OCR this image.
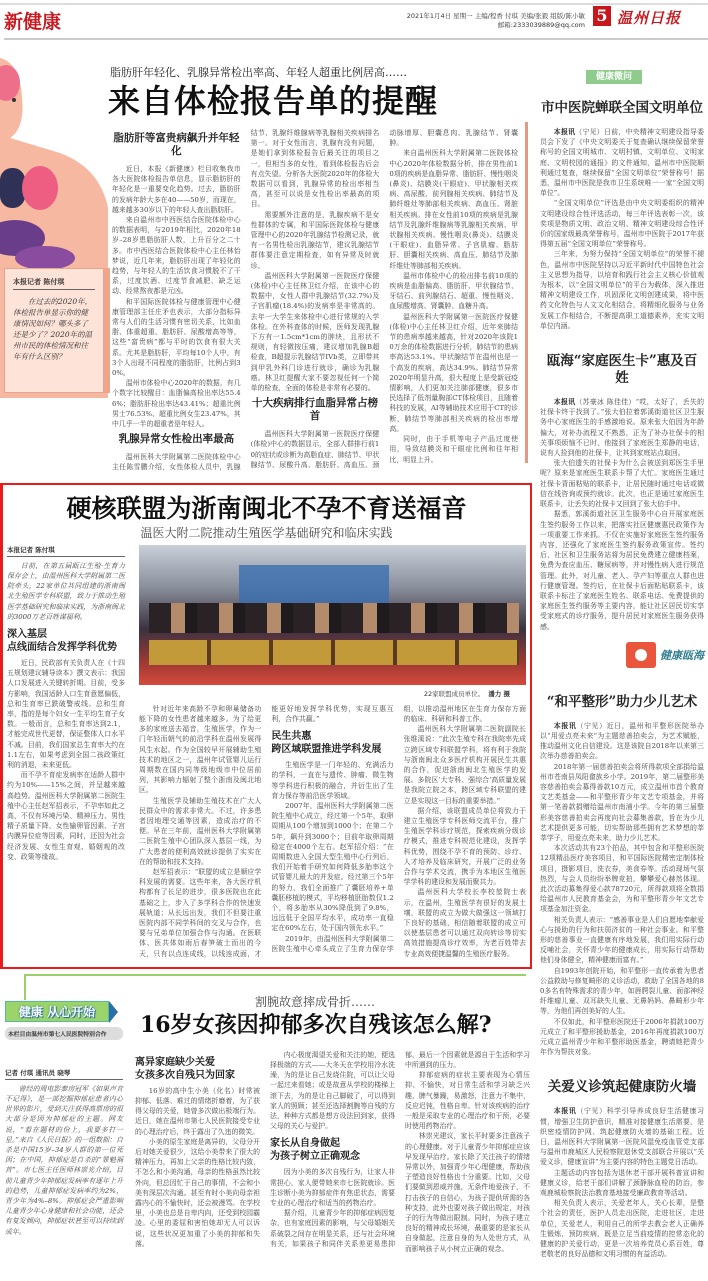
新健康	2021年1月4日 星期一 主编/程香 付琪 美编/张毅 组版/陈小敏
邮箱:2333039889@qq.com 5 温州日报
本报记者 陈付琪
在过去的2020年，体检报告单显示你的健康情况如何？哪头多了还是少了？2020年的温州市民的体检情况和往年有什么区别？
脂肪肝年轻化、乳腺异常检出率高、年轻人超重比例居高……
来自体检报告单的提醒
脂肪肝等富贵病飙升并年轻化

近日，本报《新健康》栏目收集我市各大医院体检报告单信息，显示脂肪肝的年轻化是一重要变化趋势。过去，脂肪肝的发病年龄大多在40——50岁，而现在，越来越多30岁以下的年轻人查出脂肪肝。

来自温州市中西医结合医院体检中心的数据表明，与2019年相比，2020年18岁–28岁患脂肪肝人数，上升百分之二十多。市中西医结合医院体检中心主任林怡梦说，近几年来，脂肪肝出现了年轻化的趋势，与年轻人的生活饮食习惯脱不了干系，过度饮酒、过度节食减肥、缺乏运动、经常熬夜都是元凶。

和平国际医院体检与健康管理中心健康管理部主任庄矛也表示，大部分指标异常与人们的生活习惯有密切关系，比如血脂、体重超重、脂肪肝、尿酸增高等等，这些“富贵病”都与平时的饮食有很大关系。尤其是脂肪肝，平均每10个人中，有3个人出现不同程度的脂肪肝，比例占到30%。

温州市体检中心2020年的数据，有几个数字比较醒目：血脂偏高检出率达55.46%；脂肪肝检出率达43.41%；超重比例男士76.53%、超重比例女生23.47%，其中几乎一半的超重者是年轻人。

乳腺异常女性检出率最高

温州医科大学附属第二医院体检中心主任陈雪鹏介绍，女性体检人员中，乳腺结节、乳腺纤维腺病等乳腺相关疾病排名第一。对于女性而言，乳腺有没有问题，是她们拿到体检报告后最关注的项目之一，但相当多的女性，看到体检报告后会有点失望。分析各大医院2020年的体检大数据可以看到，乳腺异常的检出率相当高，甚至可以说是女性检出率最高的项目。

需要额外注意的是，乳腺疾病不是女性群体的专属，和平国际医院体检与健康管理中心的2020年乳腺结节检测记录，就有一名男性检出乳腺结节，建议乳腺结节群体要注意定期检查，如有异常及时就诊。

温州医科大学附属第一医院医疗保健(体检)中心主任林卫红介绍，在该中心的数据中，女性人群中乳腺结节(32.7%)及子宫肌瘤(18.4%)的发病率是非常高的。去年一大学生来体检中心进行常规的入学体检。在外科查体的时候，医师发现乳腺下方有一1.5cm*1cm的肿块，且形状不规则，有轻微按压痛，建议增加乳腺B超检查，B超提示乳腺结节IVb类，立即带其到甲乳外科门诊进行就诊，确诊为乳腺癌。林卫红提醒大家不要忽视任何一个简单的检查，全面的体检是非常有必要的。

十大疾病排行血脂异常占榜首

温州医科大学附属第一医院医疗保健(体检)中心的数据显示，全部人群排行前10的症状或诊断为高脂血症、肺结节、甲状腺结节、尿酸升高、脂肪肝、高血压、颈动脉增厚、胆囊息肉、乳腺结节、肾囊肿。

来自温州医科大学附属第二医院体检中心2020年体检数据分析，排在男性前10项的疾病是血脂异常、脂肪肝、慢性咽炎(鼻炎)、结膜炎(干眼症)、甲状腺相关疾病、高尿酸、前列腺相关疾病、肺结节及肺纤维灶等肺部相关疾病、高血压、肾脏相关疾病。排在女性前10项的疾病是乳腺结节及乳腺纤维腺病等乳腺相关疾病、甲状腺相关疾病、慢性咽炎(鼻炎)、结膜炎(干眼症)、血脂异常、子宫肌瘤、脂肪肝、胆囊相关疾病、高血压、肺结节及肺纤维灶等肺部相关疾病。

温州市体检中心的检出排名前10项的疾病是血脂偏高、脂肪肝、甲状腺结节、牙结石、前列腺结石、超重、慢性咽炎、血尿酸增高、肾囊肿、血糖升高。

温州医科大学附属第一医院医疗保健(体检)中心主任林卫红介绍，近年来肺结节的患病率越来越高，针对2020年该院10万余的体检数据进行分析，肺结节的患病率高达53.1%。甲状腺结节在温州也是一个高发的疾病，高达34.9%。肺结节异常2020年明显升高，很大程度上是受新冠疫情影响，人们更加关注肺部健康，很多市民选择了低剂量胸部CT体检项目，且随着科技的发展，AI等辅助技术应用于CT的诊断，肺结节等肺部相关疾病的检出率增高。

同时，由于手机等电子产品过度使用，导致结膜炎和干眼症比例和往年相比，明显上升。

硬核联盟为浙南闽北不孕不育送福音
温医大附二院推动生殖医学基础研究和临床实践
本报记者 陈付琪
日前，在第五届瓯江生殖·生育力保存会上，由温州医科大学附属第二医院牵头，22家单位共同组建的浙南闽北生殖医学专科联盟，致力于推动生殖医学基础研究和临床实践，为浙南闽北的3000万老百姓谋福利。
深入基层
点线面结合发挥学科优势

近日，民政部有关负责人在《十四五规划建议辅导读本》撰文表示：我国人口发展进入关键转折期。目前，受多方影响，我国适龄人口生育意愿偏低，总和生育率已跌破警戒线。总和生育率，指的是每个妇女一生平均生育子女数。一般而言，总和生育率达到2.1，才能完成世代更替，保证整体人口水平不减。目前，我们国家总生育率大约在1.1左右，如果考虑到全国二孩政策红利的消退，未来更低。

而不孕不育症发病率在适龄人群中约为10%——15%之间，并呈越来越高趋势。温州医科大学附属第二医院生殖中心主任赵军招表示，不孕率如此之高，不仅有环境污染、精神压力、男性精子质量下降、女性输卵管因素、子宫内膜异位症等因素，同时，还因为社会经济发展、女性生育观、婚姻观的改变、政策等缘故。

22家联盟成员单位。 潘力 摄

针对近年来高龄不孕和卵巢储备功能下降的女性患者越来越多。为了给更多的家庭送去福音，生殖医学，作为一门年轻而朝气的前沿学科在温州发展得风生水起。作为全国较早开展辅助生殖技术的地区之一，温州年试管婴儿运行周期数在国内同等级地级市中位居前列，其影响力辐射了整个浙南及闽北地区。

生殖医学及辅助生殖技术在广大人民群众中的需求非常大。不过，许多患者因地理交通等因素，造成治疗的不便。早在三年前，温州医科大学附属第二医院生殖中心团队深入基层一线，为广大患者的便利高效就诊提供了实实在在的帮助和技术支持。

赵军招表示：“联盟的成立是顺应学科发展的需要。这些年来，各大医疗机构都有了长足的进步，很多医院也在此基础之上，步入了多学科合作的快速发展轨道；从长远出发，我们不但要注重医院内部不同学科间的交叉与合作，也要与兄弟单位加强合作与沟通。在医联体、医共体如雨后春笋破土而出的今天，只有以点连成线，以线连成面，才能更好地发挥学科优势，实现互惠互利，合作共赢。”

民生共惠
跨区域联盟推进学科发展

生殖医学是一门年轻的、充满活力的学科，一直在与遗传、肿瘤、微生物等学科进行积极的融合，并衍生出了生育力保存等前沿医学领域。

2007年，温州医科大学附属第二医院生殖中心成立，经过第一个5年，取卵周期从100个增加到1000个；在第二个5年，飙升到3000个；目前年取卵周期稳定在4000个左右。赵军招介绍：“在周期数进入全国大型生殖中心行列后，我们开始着手研究如何降低多胎率这个试管婴儿最大的并发症。经过第三个5年的努力，我们全面推广了囊胚培养+单囊胚移植的模式，平均移植胚胎数仅1.2个，将多胎率从30%降低到了9.8%，远远低于全国平均水平，成功率一直稳定在60%左右，处于国内领先水平。”

2019年，由温州医科大学附属第二医院生殖中心牵头成立了生育力保存学组，以推动温州地区在生育力保存方面的临床、科研和科普工作。

温州医科大学附属第二医院副院长张维溪说：“此次生殖专科在我院率先成立跨区域专科联盟学科，将有利于我院与浙南闽北众多医疗机构开展民生共惠的合作，促进浙南闽北生殖医学的发展。多院区‘大专科、强综合’高质量发展是我院立院之本，跨区域专科联盟的建立是实现这一目标的重要举措。”

据介绍，该联盟成员单位将致力于建立生殖医学专科医师交流平台，推广生殖医学科诊疗规范，探索疾病分级诊疗模式，推进专科规范化建设，发挥学科优势，围绕不孕不育的预防、诊疗、人才培养及临床研究，开展广泛的业务合作与学术交流，携手为本地区生殖医学学科的建设和发展而聚共力。

温州医科大学校长李校堃院士表示，在温州，生殖医学有很好的发展土壤，联盟的成立为做大做强这一领域打下良好的基础，相信随着联盟的成立可以使基层患者可以通过双向转诊等切实高效措施提高诊疗效率，为老百姓带去专业高效便捷温馨的生殖医疗服务。

健康 从心开始
本栏目由温州市第七人民医院特别合作
割腕故意摔成骨折……
16岁女孩因抑郁多次自残该怎么解?
记者 付琪 通讯员 晓琴
曾经的周电影秦房冠军《如果声音不记得》，是一部挖掘抑郁症患者内心世界的影片，受到关注获得高票房的很大部分是因为抑郁症的主题。网友说，“看在题材的份上，我要多打一星。”来自《人民日报》的一组数据：自杀是中国15岁–34岁人群的第一位死因；在中国，抑郁症是自杀的“罪魁祸首”。市七医主任医师林崇光介绍，目前儿童青少年抑郁症发病率有逐年上升的趋势，儿童抑郁症发病率约为2%，青少年为4%–8%。抑郁症会严重影响儿童青少年心身健康和社会功能，还会有复发倾向，抑郁症状甚至可以持续到成年。
离异家庭缺少关爱
女孩多次自残只为回家

16岁的高中生小美（化名）时常被抑郁、低落、难过的情绪折磨着，为了获得父母的关爱，她曾多次做出极端行为。近日，她在温州市第七人民医院接受专业的心理治疗后，终于露出了久违的微笑。

小美的原生家庭是离异的，父母分开后对她关爱很少，这给小美带来了很大的精神压力，再加上父亲的性格比较内敛，不怎么和小美沟通，母亲的性格虽然比较外向，但总因忙于自己的事情，不会和小美有深层次沟通。甚至有时小美向母亲袒露内心的不愉快时，还会被漫骂。在学校里，小美也总是自卑内向，还受到校园霸凌。心里的委屈和害怕她却无人可以诉说，这些状况更加重了小美的抑郁和失落。

内心极度渴望关爱和关注的她，便选择极端的方式——大冬天在学校用冷水洗澡，为的是让自己发烧住院，可以让父母一起过来看她；或是故意从学校的楼梯上滚下去，为的是让自己脚破了，可以得到家人的照顾；甚至还选择割腕等自残的方法，种种方式都是想方设法回到家，获得父母的关心与爱护。

家长从自身做起
为孩子树立正确观念

因为小美的多次自残行为，让家人非常担心，家人便带她来市七医院就诊。医生诊断小美为抑郁症伴有焦虑状态，需要专业的心理治疗和适当的药物治疗。

据介绍，儿童青少年的抑郁症病因复杂，也有家庭因素的影响，与父母婚姻关系破裂之间存在明显关系，还与社会环境有关，如果孩子和同伴关系差更易患抑郁，最后一个因素就是源自于生活和学习中所遇到的压力。

抑郁症病的症状主要表现为心情压抑、不愉快，对日常生活和学习缺乏兴趣，脾气暴躁，易激怒，注意力不集中，反应迟钝，性格自卑。针对该疾病的治疗一般是采取专业的心理治疗和干预，必要时使用药物治疗。

林崇光建议，家长平时要多注意孩子的心理健康。对于儿童青少年抑郁症应该早发现早治疗。家长除了关注孩子的情绪异常以外，加强青少年心理健康，帮助孩子塑造良好性格也十分重要。比如，父母们要做到恩威并施，无条件地爱孩子，不打击孩子的自信心，为孩子提供所需的各种支持，此外也要对孩子做出规定，对孩子的行为等做出限制。同时，为孩子建立良好的精神成长环境，最重要的是家长从自身做起，注意自身的为人处世方式，从而影响孩子从小树立正确的观念。

健康微问
市中医院蝉联全国文明单位

本报讯（宁见）日前，中央精神文明建设指导委员会下发了《中央文明委关于复查确认继续保留荣誉称号的全国文明城市、文明村镇、文明单位、文明家庭、文明校园的通报》的文件通知，温州市中医院顺利通过复查，继续保留“全国文明单位”荣誉称号！据悉，温州市中医院是我市卫生系统唯一一家“全国文明单位”。

“全国文明单位”评选是由中央文明委组织的精神文明建设综合性评选活动，每三年评选表彰一次，该奖项是物质文明、政治文明、精神文明建设综合性评价的国家级最高荣誉称号，温州市中医院于2017年获得第五届“全国文明单位”荣誉称号。

三年来，为努力保持“全国文明单位”的荣誉不褪色，温州市中医院坚持以习近平新时代中国特色社会主义思想为指导，以培育和践行社会主义核心价值观为根本，以“全国文明单位”的平台为载体，深入推进精神文明建设工作，巩固深化文明创建成果，将中医药文化特色与人文文化相结合，将精细化服务与业务发展工作相结合，不断提高职工道德素养，充实文明单位内涵。

瓯海“家庭医生卡”惠及百姓

本报讯（苏豪冰 陈佳佳）“哎，太好了，丢失的社保卡终于找到了。”张大伯拉着郭溪街道社区卫生服务中心家庭医生的手感激地说。原来张大伯因为年龄偏大，对补办流程又不熟悉，正为了补办社保卡的相关事项烦恼不已时，他接到了家庭医生郑静的电话，说有人捡到他的社保卡，让其到家庭站点取回。

张大伯遗失的社保卡为什么会被送到郑医生手里呢？原来是家庭医生联系卡帮了大忙。家庭医生通过社保卡背面粘贴的联系卡，让居民随时通过电话或微信在线咨询或预约就诊。此次，也正是通过家庭医生联系卡，让丢失的社保卡又回到了张大伯手中。

据悉，郭溪街道社区卫生服务中心自开展家庭医生签约服务工作以来，把落实社区健康惠民政策作为一项重要工作来抓。不仅在实施好家庭医生签约服务内容，还强化了家庭医生签约服务政策宣传。签约后，社区和卫生服务站将为居民免费建立健康档案，免费为查应血压、糖尿病等，并对慢性病人进行规范管理。此外，对儿童、老人、孕产妇等重点人群也进行健康管理。签约后，在社保卡后面粘贴联系卡，该联系卡标注了家庭医生姓名、联系电话、免费提供的家庭医生签约服务等主要内容，能让社区居民切实享受家庭式的诊疗服务，提升居民对家庭医生服务获得感。

健康瓯海
“和平整形”助力少儿艺术

本报讯（宁见）近日，温州和平整形医院举办以“用爱点亮未来”为主题慈善拍卖会，为艺术赋能，推动温州文化自信建设。这是该院自2018年以来第三次举办慈善拍卖会。

2018年第一届慈善拍卖会将所得款项全部捐给温州市苍南县凤阳畲族乡小学。2019年，第二届整形美容慈善拍卖会募得善款10万元，成立温州市首个教育文艺类基金——和平整形青少年文艺专项基金，并将第一笔善款捐赠给温州市南浦小学。今年的第三届整形美容慈善拍卖会再度向社会募集善款，旨在为少儿艺术提供更多可能，切实帮助那些拥有艺术梦想的莘莘学子，用爱点亮未来，助力少儿艺术。

本次活动共有23个拍品，其中包含和平整形医院12项精品医疗美容项目，和平国际医院精密定制体检项目，摄影项目，洗衣券，美食券等。活动现场气氛热烈，与会人员纷纷举牌竞拍，攀攀爱心赫然体现。此次活动募集得爱心款78720元，所得款项将全数捐给温州市人民教育基金会，为和平整形青少年文艺专项基金加注资金。

相关负责人表示：“感善事业是人们自愿地奉献爱心与援助的行为和扶弱济贫的一种社会事业。和平整形的慈善事业一直健康有序地发展，我们用实际行动反哺社会，关怀青少年的健康成长，用实际行动帮助他们身体健全，精神健康而富有。”

自1993年创院开始，和平整形一直传承着为患者公益救助与修复畸形的义诊活动，救助了全国各地的80多名有特殊需求的青少年，如唇腭裂儿童、面部神经纤维瘤儿童、双耳缺失儿童、无鼻妈妈、鼻畸形少年等，为他们再创美好的人生。

不仅如此，和平整形医院还于2006年捐款100万元成立了和平整形援助基金，2016年再度捐款100万元成立温州青少年和平整形助医基金，聘请她把青少年作为帮扶对象。

关爱义诊筑起健康防火墙

本报讯（宁见）科学引导养成良好生活健康习惯，增强卫生防护意识，精准对接健康生活需要，是织密疫情防护网、筑起健康防火墙的基础工程。近日，温州医科大学附属第一医院风湿免疫血管党支部与温州市鹿城区人民检察院退休党支部联合开展以“关爱义诊，健康宣讲”为主要内容的特色主题党日活动。

主题活动内容包括为退休老干部开展科普宣讲和健康义诊，给老干部们讲解了颈静脉血栓的防治，参观鹿城检察院法治教育基地接受廉政教育等活动。

相关负责人表示，关爱老年人，关心长辈，是整个社会的责任，医护人员走出医院，走进社区，走进单位，关爱老人，利用自己的所学去教会老人正确养生锻炼，预防疾病，既是立足当前疫情的控常态化的健康的护关爱行动，更是一次培养党员心系百姓，尊老敬老的良好品德和文明习惯的有益活动。
